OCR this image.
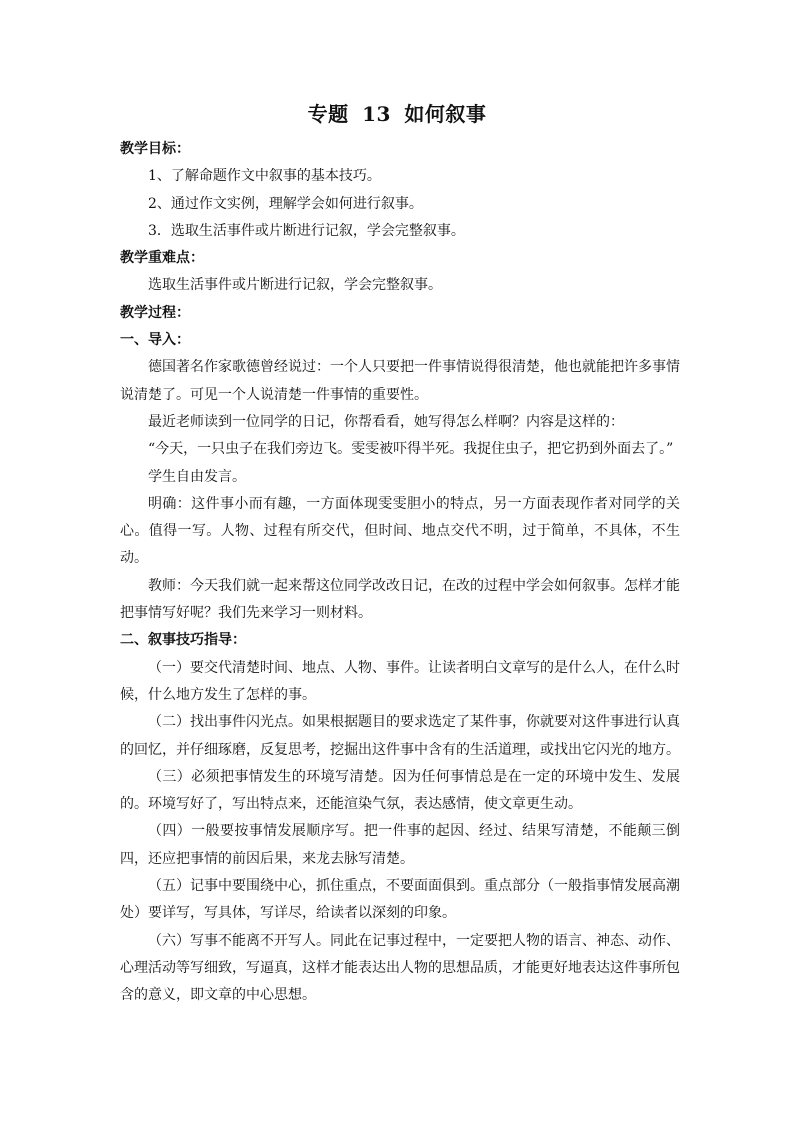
专题 13 如何叙事

教学目标：

1、了解命题作文中叙事的基本技巧。

2、通过作文实例，理解学会如何进行叙事。

3．选取生活事件或片断进行记叙，学会完整叙事。

教学重难点：

选取生活事件或片断进行记叙，学会完整叙事。

教学过程：

一、导入：

德国著名作家歌德曾经说过：一个人只要把一件事情说得很清楚，他也就能把许多事情说清楚了。可见一个人说清楚一件事情的重要性。

最近老师读到一位同学的日记，你帮看看，她写得怎么样啊？内容是这样的：

“今天，一只虫子在我们旁边飞。雯雯被吓得半死。我捉住虫子，把它扔到外面去了。”

学生自由发言。

明确：这件事小而有趣，一方面体现雯雯胆小的特点，另一方面表现作者对同学的关心。值得一写。人物、过程有所交代，但时间、地点交代不明，过于简单，不具体，不生动。

教师：今天我们就一起来帮这位同学改改日记，在改的过程中学会如何叙事。怎样才能把事情写好呢？我们先来学习一则材料。

二、叙事技巧指导：

（一）要交代清楚时间、地点、人物、事件。让读者明白文章写的是什么人，在什么时候，什么地方发生了怎样的事。

（二）找出事件闪光点。如果根据题目的要求选定了某件事，你就要对这件事进行认真的回忆，并仔细琢磨，反复思考，挖掘出这件事中含有的生活道理，或找出它闪光的地方。

（三）必须把事情发生的环境写清楚。因为任何事情总是在一定的环境中发生、发展的。环境写好了，写出特点来，还能渲染气氛，表达感情，使文章更生动。

（四）一般要按事情发展顺序写。把一件事的起因、经过、结果写清楚，不能颠三倒四，还应把事情的前因后果，来龙去脉写清楚。

（五）记事中要围绕中心，抓住重点，不要面面俱到。重点部分（一般指事情发展高潮处）要详写，写具体，写详尽，给读者以深刻的印象。

（六）写事不能离不开写人。同此在记事过程中，一定要把人物的语言、神态、动作、心理活动等写细致，写逼真，这样才能表达出人物的思想品质，才能更好地表达这件事所包含的意义，即文章的中心思想。
